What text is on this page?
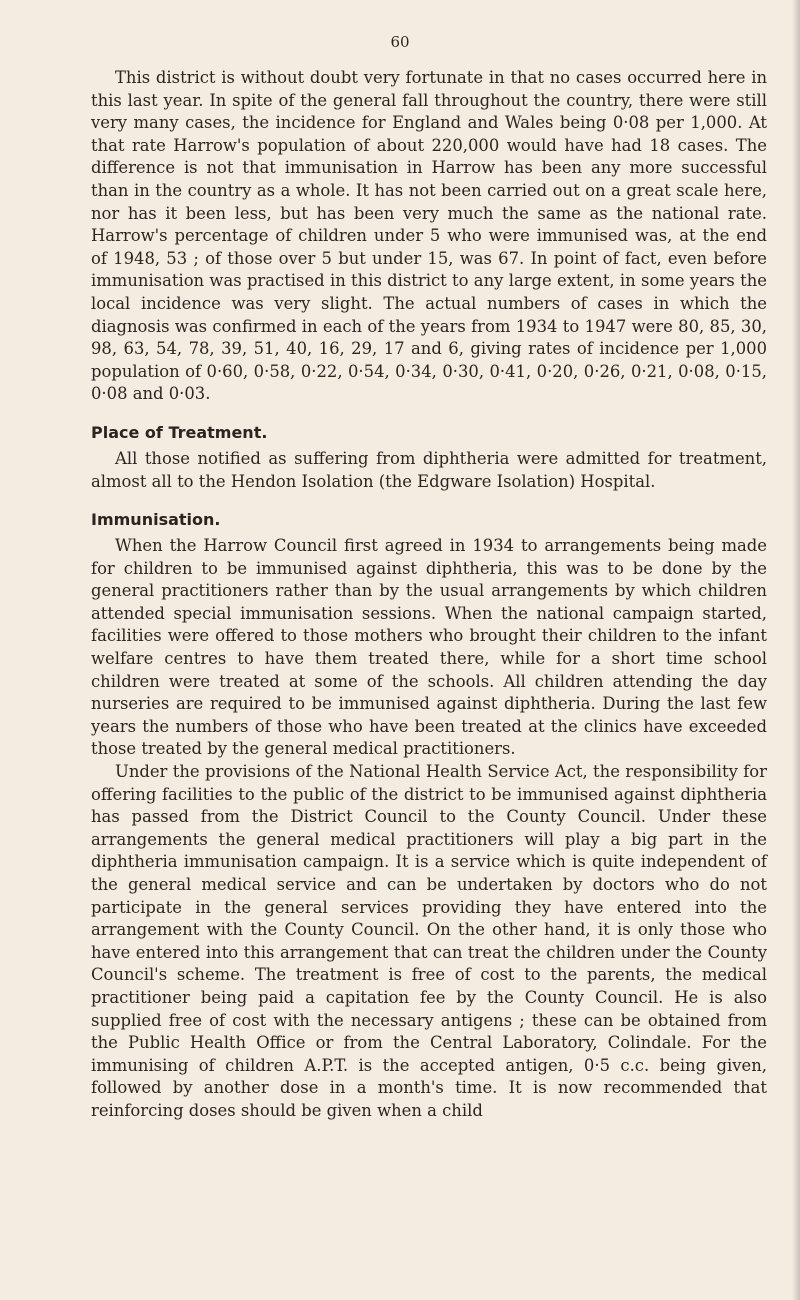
60

This district is without doubt very fortunate in that no cases occurred here in this last year. In spite of the general fall throughout the country, there were still very many cases, the incidence for England and Wales being 0·08 per 1,000. At that rate Harrow's population of about 220,000 would have had 18 cases. The difference is not that immunisation in Harrow has been any more successful than in the country as a whole. It has not been carried out on a great scale here, nor has it been less, but has been very much the same as the national rate. Harrow's percentage of children under 5 who were immunised was, at the end of 1948, 53 ; of those over 5 but under 15, was 67. In point of fact, even before immunisation was practised in this district to any large extent, in some years the local incidence was very slight. The actual numbers of cases in which the diagnosis was confirmed in each of the years from 1934 to 1947 were 80, 85, 30, 98, 63, 54, 78, 39, 51, 40, 16, 29, 17 and 6, giving rates of incidence per 1,000 population of 0·60, 0·58, 0·22, 0·54, 0·34, 0·30, 0·41, 0·20, 0·26, 0·21, 0·08, 0·15, 0·08 and 0·03.

Place of Treatment.

All those notified as suffering from diphtheria were admitted for treatment, almost all to the Hendon Isolation (the Edgware Isolation) Hospital.

Immunisation.

When the Harrow Council first agreed in 1934 to arrangements being made for children to be immunised against diphtheria, this was to be done by the general practitioners rather than by the usual arrangements by which children attended special immunisation sessions. When the national campaign started, facilities were offered to those mothers who brought their children to the infant welfare centres to have them treated there, while for a short time school children were treated at some of the schools. All children attending the day nurseries are required to be immunised against diphtheria. During the last few years the numbers of those who have been treated at the clinics have exceeded those treated by the general medical practitioners.

Under the provisions of the National Health Service Act, the responsibility for offering facilities to the public of the district to be immunised against diphtheria has passed from the District Council to the County Council. Under these arrangements the general medical practitioners will play a big part in the diphtheria immunisation campaign. It is a service which is quite independent of the general medical service and can be undertaken by doctors who do not participate in the general services providing they have entered into the arrangement with the County Council. On the other hand, it is only those who have entered into this arrangement that can treat the children under the County Council's scheme. The treatment is free of cost to the parents, the medical practitioner being paid a capitation fee by the County Council. He is also supplied free of cost with the necessary antigens ; these can be obtained from the Public Health Office or from the Central Laboratory, Colindale. For the immunising of children A.P.T. is the accepted antigen, 0·5 c.c. being given, followed by another dose in a month's time. It is now recommended that reinforcing doses should be given when a child
